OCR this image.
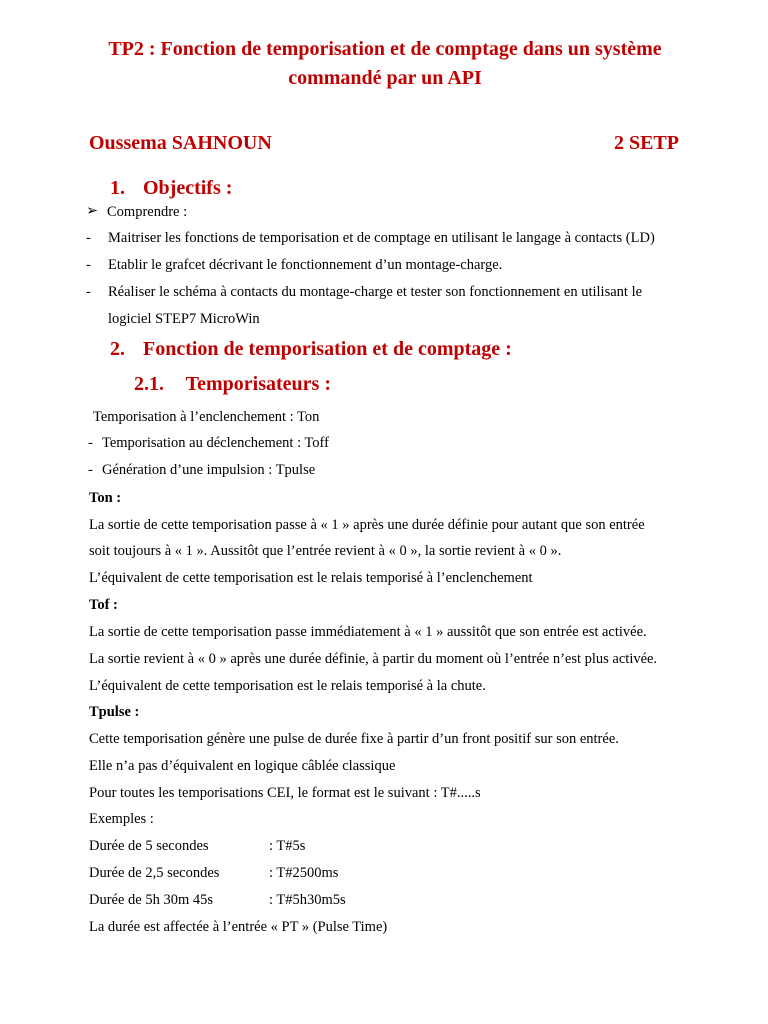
TP2 : Fonction de temporisation et de comptage dans un système
commandé par un API
Oussema SAHNOUN	2 SETP
1. Objectifs :
➢ Comprendre :
- Maitriser les fonctions de temporisation et de comptage en utilisant le langage à contacts (LD)
- Etablir le grafcet décrivant le fonctionnement d’un montage-charge.
- Réaliser le schéma à contacts du montage-charge et tester son fonctionnement en utilisant le
logiciel STEP7 MicroWin
2. Fonction de temporisation et de comptage :
2.1. Temporisateurs :
Temporisation à l’enclenchement : Ton
- Temporisation au déclenchement : Toff
- Génération d’une impulsion : Tpulse
Ton :
La sortie de cette temporisation passe à « 1 » après une durée définie pour autant que son entrée
soit toujours à « 1 ». Aussitôt que l’entrée revient à « 0 », la sortie revient à « 0 ».
L’équivalent de cette temporisation est le relais temporisé à l’enclenchement
Tof :
La sortie de cette temporisation passe immédiatement à « 1 » aussitôt que son entrée est activée.
La sortie revient à « 0 » après une durée définie, à partir du moment où l’entrée n’est plus activée.
L’équivalent de cette temporisation est le relais temporisé à la chute.
Tpulse :
Cette temporisation génère une pulse de durée fixe à partir d’un front positif sur son entrée.
Elle n’a pas d’équivalent en logique câblée classique
Pour toutes les temporisations CEI, le format est le suivant : T#.....s
Exemples :
Durée de 5 secondes	: T#5s
Durée de 2,5 secondes	: T#2500ms
Durée de 5h 30m 45s	: T#5h30m5s
La durée est affectée à l’entrée « PT » (Pulse Time)
